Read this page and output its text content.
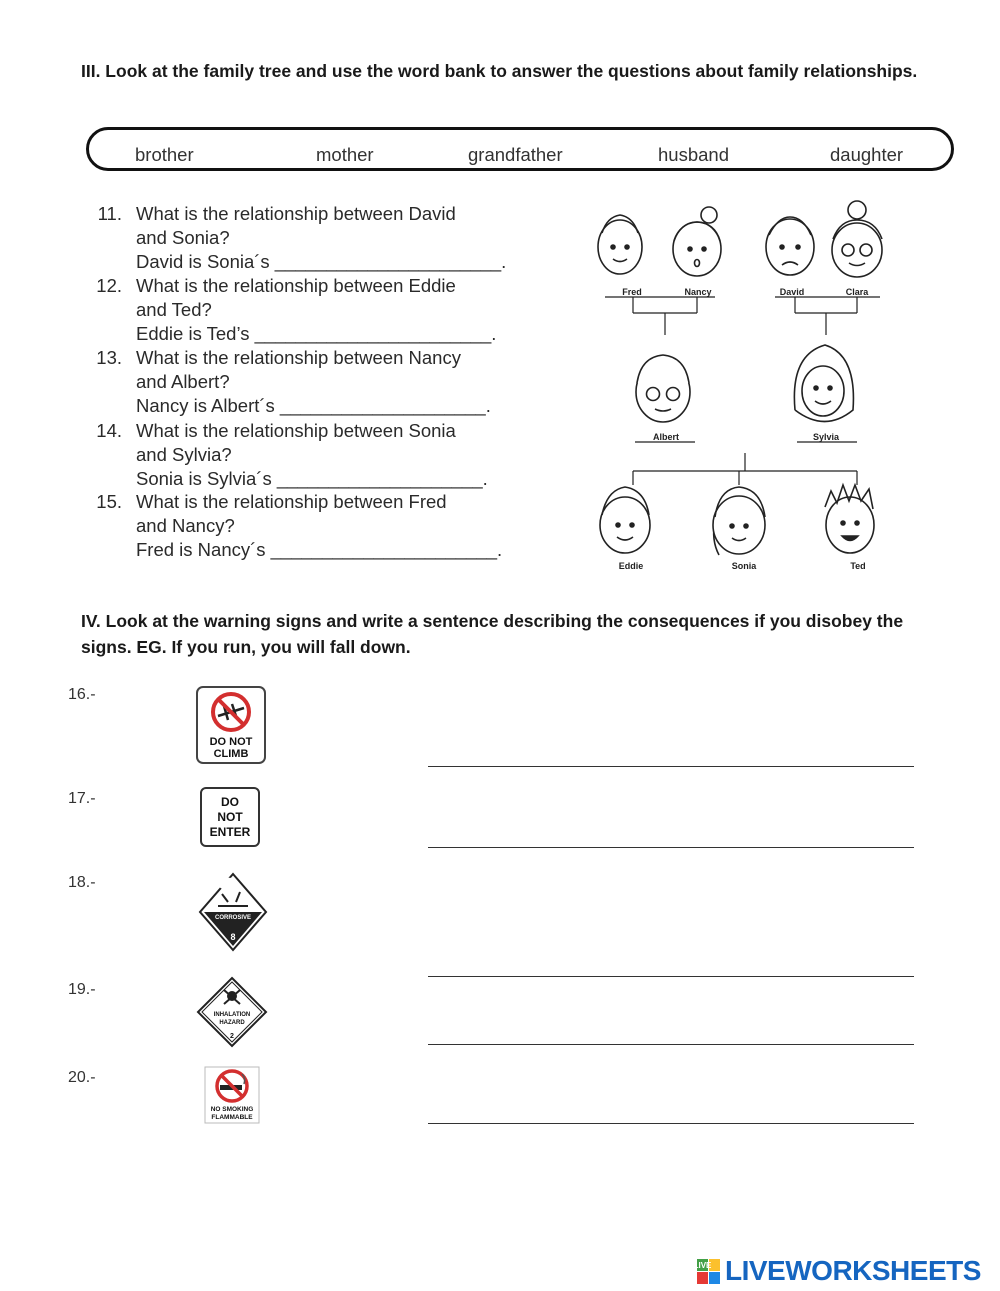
III. Look at the family tree and use the word bank to answer the questions about family relationships.
brother	mother	grandfather	husband	daughter
11. What is the relationship between David
and Sonia?
David is Sonia´s ______________________.
12. What is the relationship between Eddie
and Ted?
Eddie is Ted’s _______________________.
13. What is the relationship between Nancy
and Albert?
Nancy is Albert´s ____________________.
14. What is the relationship between Sonia
and Sylvia?
Sonia is Sylvia´s ____________________.
15. What is the relationship between Fred
and Nancy?
Fred is Nancy´s ______________________.
Fred	Nancy	David	Clara
Albert	Sylvia
Eddie	Sonia	Ted
IV. Look at the warning signs and write a sentence describing the consequences if you disobey the signs. EG. If you run, you will fall down.
16.-
DO NOT
CLIMB
17.-	DO
NOT
ENTER
18.-
CORROSIVE
8
19.-
INHALATION
HAZARD
2
20.-
NO SMOKING
FLAMMABLE
LIVE LIVEWORKSHEETS
